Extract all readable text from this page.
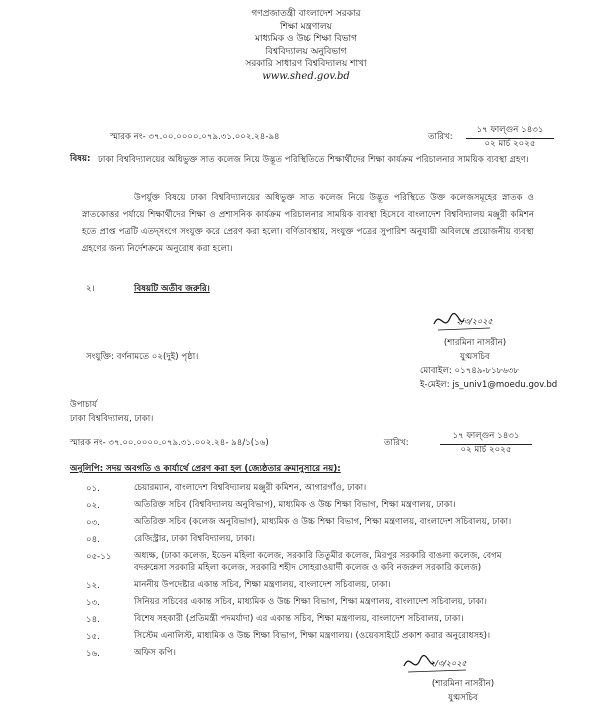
গণপ্রজাতন্ত্রী বাংলাদেশ সরকার
শিক্ষা মন্ত্রণালয়
মাধ্যমিক ও উচ্চ শিক্ষা বিভাগ
বিশ্ববিদ্যালয় অনুবিভাগ
সরকারি সাধারণ বিশ্ববিদ্যালয় শাখা
www.shed.gov.bd
স্মারক নং- ৩৭.০০.০০০০.০৭৯.৩১.০০২.২৪-৯৪	তারিখ:
১৭ ফাল্গুন ১৪৩১
০২ মার্চ ২০২৫
বিষয়: ঢাকা বিশ্ববিদ্যালয়ের অধিভুক্ত সাত কলেজ নিয়ে উদ্ভূত পরিস্থিতিতে শিক্ষার্থীদের শিক্ষা কার্যক্রম পরিচালনার সাময়িক ব্যবস্থা গ্রহণ।
উপর্যুক্ত বিষয়ে ঢাকা বিশ্ববিদ্যালয়ের অধিভুক্ত সাত কলেজ নিয়ে উদ্ভূত পরিস্থিতে উক্ত কলেজসমূহের স্নাতক ও স্নাতকোত্তর পর্যায়ে শিক্ষার্থীদের শিক্ষা ও প্রশাসনিক কার্যক্রম পরিচালনার সাময়িক ব্যবস্থা হিসেবে বাংলাদেশ বিশ্ববিদ্যালয় মঞ্জুরী কমিশন হতে প্রাপ্ত পত্রটি এতদ্সংগে সংযুক্ত করে প্রেরণ করা হলো। বর্ণিতাবস্থায়, সংযুক্ত পত্রের সুপারিশ অনুযায়ী অবিলম্বে প্রয়োজনীয় ব্যবস্থা গ্রহণের জন্য নির্দেশক্রমে অনুরোধ করা হলো।
২।	বিষয়টি অতীব জরুরি।
২/৩/২০২৫
(শারমিনা নাসরীন)
যুগ্মসচিব
মোবাইল: ০১৭৪৯-৮১৮৬৩৮
ই-মেইল: js_univ1@moedu.gov.bd
সংযুক্তি: বর্ণনামতে ০২(দুই) পৃষ্ঠা।
উপাচার্য
ঢাকা বিশ্ববিদ্যালয়, ঢাকা।
স্মারক নং- ৩৭.০০.০০০০.০৭৯.৩১.০০২.২৪- ৯৪/১(১৬)	তারিখ:
১৭ ফাল্গুন ১৪৩১
০২ মার্চ ২০২৫
অনুলিপি: সদয় অবগতি ও কার্যার্থে প্রেরণ করা হল (জ্যেষ্ঠতার ক্রমানুসারে নয়):
০১.	চেয়ারম্যান, বাংলাদেশ বিশ্ববিদ্যালয় মঞ্জুরী কমিশন, আগারগাঁও, ঢাকা।
০২.	অতিরিক্ত সচিব (বিশ্ববিদ্যালয় অনুবিভাগ), মাধ্যমিক ও উচ্চ শিক্ষা বিভাগ, শিক্ষা মন্ত্রণালয়, ঢাকা।
০৩.	অতিরিক্ত সচিব (কলেজ অনুবিভাগ), মাধ্যমিক ও উচ্চ শিক্ষা বিভাগ, শিক্ষা মন্ত্রণালয়, বাংলাদেশ সচিবালয়, ঢাকা।
০৪.	রেজিস্ট্রার, ঢাকা বিশ্ববিদ্যালয়, ঢাকা।
০৫-১১	অধ্যক্ষ, (ঢাকা কলেজ, ইডেন মহিলা কলেজ, সরকারি তিতুমীর কলেজ, মিরপুর সরকারি বাঙলা কলেজ, বেগম বদরুন্নেসা সরকারি মহিলা কলেজ, সরকারি শহীদ সোহরাওয়ার্দী কলেজ ও কবি নজরুল সরকারি কলেজ)
১২.	মাননীয় উপদেষ্টার একান্ত সচিব, শিক্ষা মন্ত্রণালয়, বাংলাদেশ সচিবালয়, ঢাকা।
১৩.	সিনিয়র সচিবের একান্ত সচিব, মাধ্যমিক ও উচ্চ শিক্ষা বিভাগ, শিক্ষা মন্ত্রণালয়, বাংলাদেশ সচিবালয়, ঢাকা।
১৪.	বিশেষ সহকারী (প্রতিমন্ত্রী পদমর্যাদা) এর একান্ত সচিব, শিক্ষা মন্ত্রণালয়, বাংলাদেশ সচিবালয়, ঢাকা।
১৫.	সিস্টেম এনালিস্ট, মাধ্যমিক ও উচ্চ শিক্ষা বিভাগ, শিক্ষা মন্ত্রণালয়। (ওয়েবসাইটে প্রকাশ করার অনুরোধসহ)।
১৬.	অফিস কপি।
২/৩/২০২৫
(শারমিনা নাসরীন)
যুগ্মসচিব
